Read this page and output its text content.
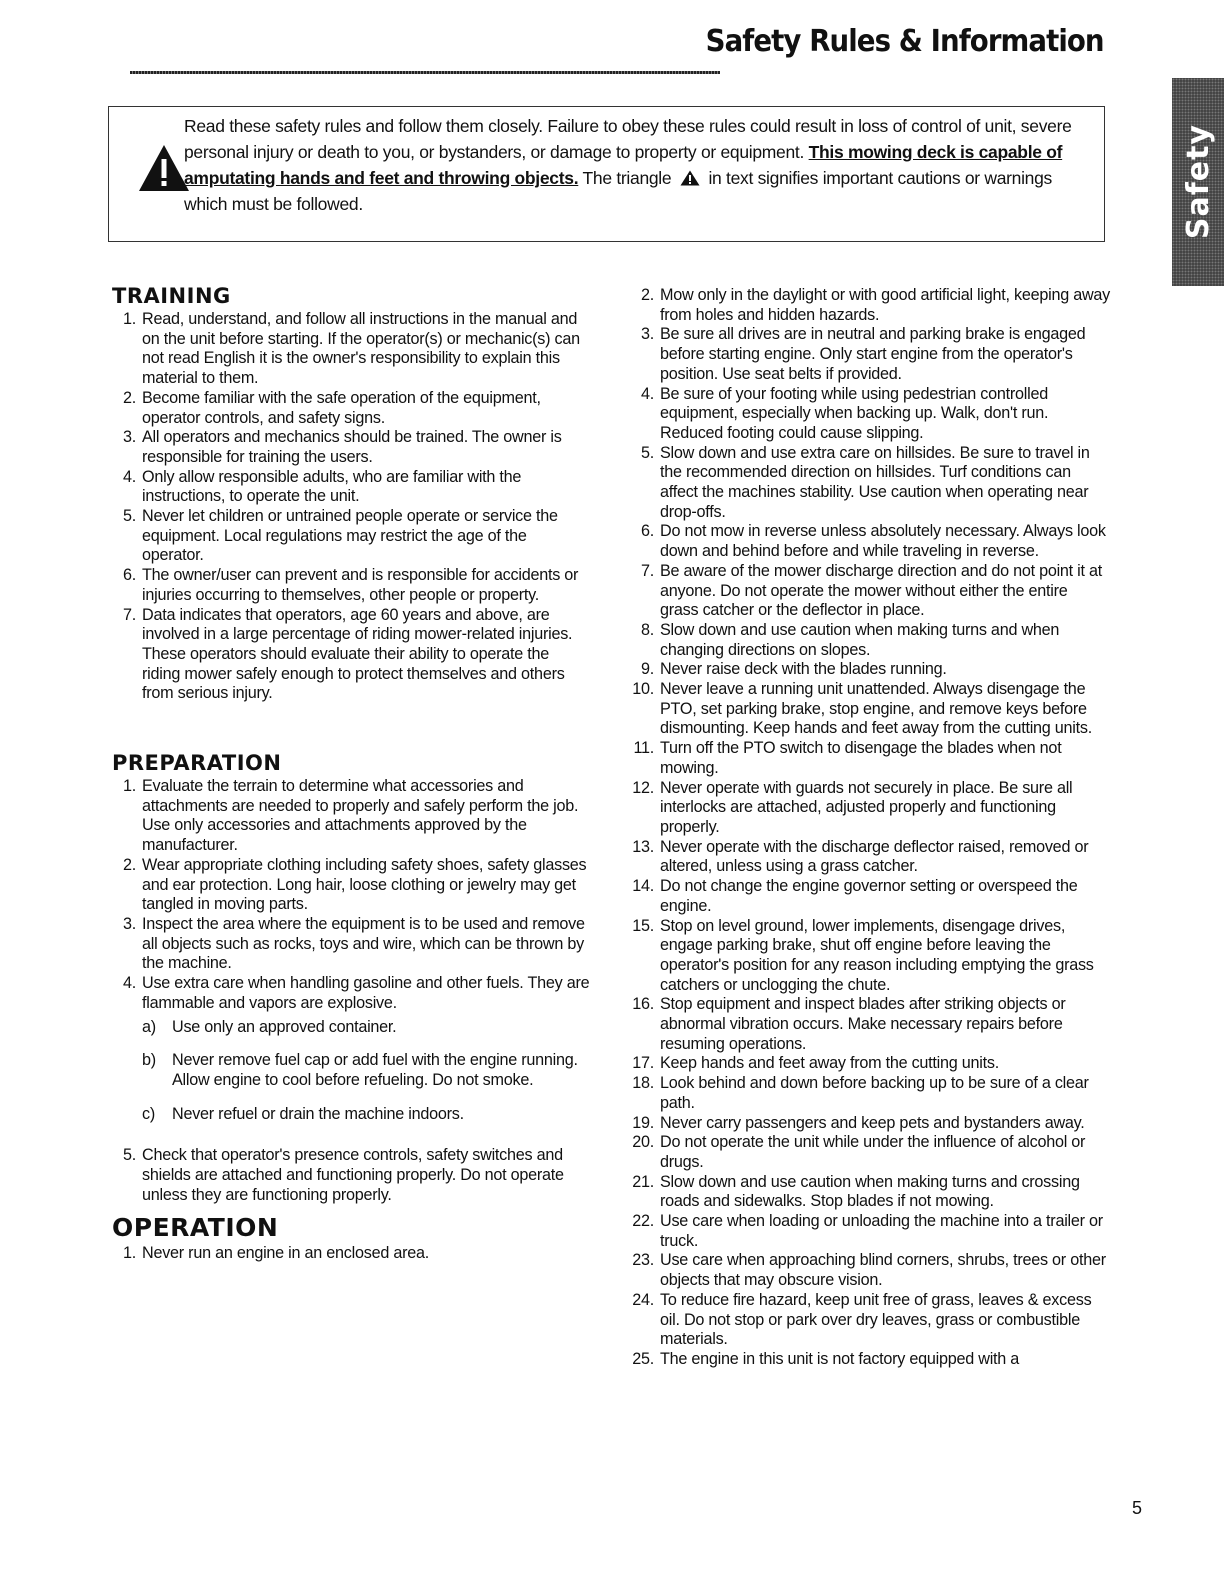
Safety Rules & Information
Safety
Read these safety rules and follow them closely. Failure to obey these rules could result in loss of control of unit, severe personal injury or death to you, or bystanders, or damage to property or equipment. This mowing deck is capable of amputating hands and feet and throwing objects. The triangle  in text signifies important cautions or warnings which must be followed.
TRAINING
1. Read, understand, and follow all instructions in the manual and on the unit before starting. If the operator(s) or mechanic(s) can not read English it is the owner's responsibility to explain this material to them.
2. Become familiar with the safe operation of the equipment, operator controls, and safety signs.
3. All operators and mechanics should be trained. The owner is responsible for training the users.
4. Only allow responsible adults, who are familiar with the instructions, to operate the unit.
5. Never let children or untrained people operate or service the equipment. Local regulations may restrict the age of the operator.
6. The owner/user can prevent and is responsible for accidents or injuries occurring to themselves, other people or property.
7. Data indicates that operators, age 60 years and above, are involved in a large percentage of riding mower-related injuries. These operators should evaluate their ability to operate the riding mower safely enough to protect themselves and others from serious injury.
PREPARATION
1. Evaluate the terrain to determine what accessories and attachments are needed to properly and safely perform the job. Use only accessories and attachments approved by the manufacturer.
2. Wear appropriate clothing including safety shoes, safety glasses and ear protection. Long hair, loose clothing or jewelry may get tangled in moving parts.
3. Inspect the area where the equipment is to be used and remove all objects such as rocks, toys and wire, which can be thrown by the machine.
4. Use extra care when handling gasoline and other fuels. They are flammable and vapors are explosive.
a) Use only an approved container.
b) Never remove fuel cap or add fuel with the engine running. Allow engine to cool before refueling. Do not smoke.
c)	Never refuel or drain the machine indoors.
5. Check that operator's presence controls, safety switches and shields are attached and functioning properly. Do not operate unless they are functioning properly.
OPERATION
1. Never run an engine in an enclosed area.
2. Mow only in the daylight or with good artificial light, keeping away from holes and hidden hazards.
3. Be sure all drives are in neutral and parking brake is engaged before starting engine. Only start engine from the operator's position. Use seat belts if provided.
4. Be sure of your footing while using pedestrian controlled equipment, especially when backing up. Walk, don't run. Reduced footing could cause slipping.
5. Slow down and use extra care on hillsides. Be sure to travel in the recommended direction on hillsides. Turf conditions can affect the machines stability. Use caution when operating near drop-offs.
6. Do not mow in reverse unless absolutely necessary. Always look down and behind before and while traveling in reverse.
7. Be aware of the mower discharge direction and do not point it at anyone. Do not operate the mower without either the entire grass catcher or the deflector in place.
8. Slow down and use caution when making turns and when changing directions on slopes.
9. Never raise deck with the blades running.
10. Never leave a running unit unattended. Always disengage the PTO, set parking brake, stop engine, and remove keys before dismounting. Keep hands and feet away from the cutting units.
11. Turn off the PTO switch to disengage the blades when not mowing.
12. Never operate with guards not securely in place. Be sure all interlocks are attached, adjusted properly and functioning properly.
13. Never operate with the discharge deflector raised, removed or altered, unless using a grass catcher.
14. Do not change the engine governor setting or overspeed the engine.
15. Stop on level ground, lower implements, disengage drives, engage parking brake, shut off engine before leaving the operator's position for any reason including emptying the grass catchers or unclogging the chute.
16. Stop equipment and inspect blades after striking objects or abnormal vibration occurs. Make necessary repairs before resuming operations.
17. Keep hands and feet away from the cutting units.
18. Look behind and down before backing up to be sure of a clear path.
19. Never carry passengers and keep pets and bystanders away.
20. Do not operate the unit while under the influence of alcohol or drugs.
21. Slow down and use caution when making turns and crossing roads and sidewalks. Stop blades if not mowing.
22. Use care when loading or unloading the machine into a trailer or truck.
23. Use care when approaching blind corners, shrubs, trees or other objects that may obscure vision.
24. To reduce fire hazard, keep unit free of grass, leaves & excess oil. Do not stop or park over dry leaves, grass or combustible materials.
25. The engine in this unit is not factory equipped with a
5
